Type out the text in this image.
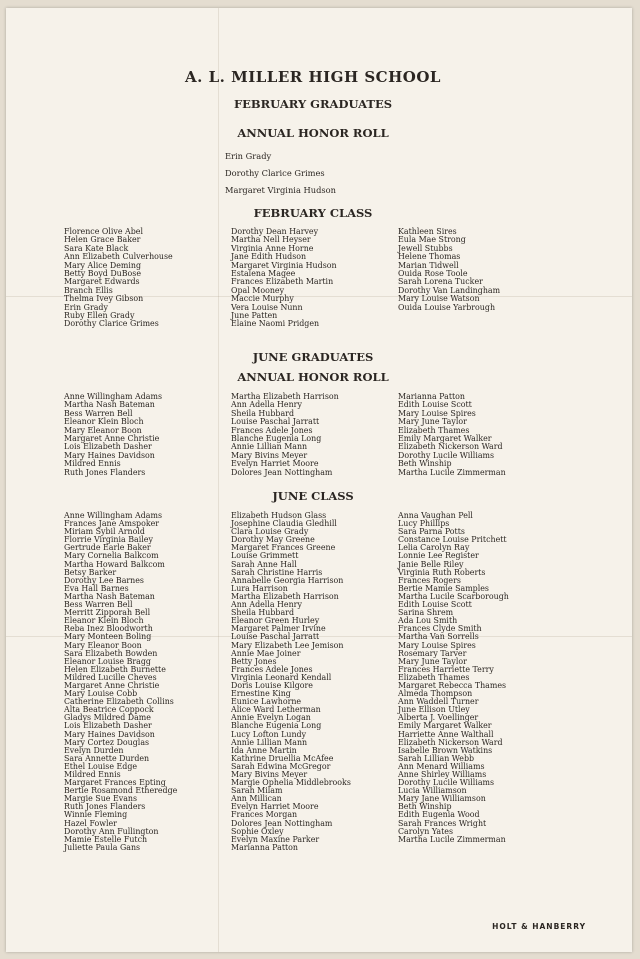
A. L. MILLER HIGH SCHOOL
FEBRUARY GRADUATES
ANNUAL HONOR ROLL
Erin Grady
Dorothy Clarice Grimes
Margaret Virginia Hudson
FEBRUARY CLASS
Florence Olive Abel
Helen Grace Baker
Sara Kate Black
Ann Elizabeth Culverhouse
Mary Alice Deming
Betty Boyd DuBose
Margaret Edwards
Branch Ellis
Thelma Ivey Gibson
Erin Grady
Ruby Ellen Grady
Dorothy Clarice Grimes
Dorothy Dean Harvey
Martha Nell Heyser
Virginia Anne Horne
Jane Edith Hudson
Margaret Virginia Hudson
Estalena Magee
Frances Elizabeth Martin
Opal Mooney
Maccie Murphy
Vera Louise Nunn
June Patten
Elaine Naomi Pridgen
Kathleen Sires
Eula Mae Strong
Jewell Stubbs
Helene Thomas
Marian Tidwell
Ouida Rose Toole
Sarah Lorena Tucker
Dorothy Van Landingham
Mary Louise Watson
Ouida Louise Yarbrough
JUNE GRADUATES
ANNUAL HONOR ROLL
Anne Willingham Adams
Martha Nash Bateman
Bess Warren Bell
Eleanor Klein Bloch
Mary Eleanor Boon
Margaret Anne Christie
Lois Elizabeth Dasher
Mary Haines Davidson
Mildred Ennis
Ruth Jones Flanders
Martha Elizabeth Harrison
Ann Adella Henry
Sheila Hubbard
Louise Paschal Jarratt
Frances Adele Jones
Blanche Eugenia Long
Annie Lillian Mann
Mary Bivins Meyer
Evelyn Harriet Moore
Dolores Jean Nottingham
Marianna Patton
Edith Louise Scott
Mary Louise Spires
Mary June Taylor
Elizabeth Thames
Emily Margaret Walker
Elizabeth Nickerson Ward
Dorothy Lucile Williams
Beth Winship
Martha Lucile Zimmerman
JUNE CLASS
Anne Willingham Adams
Frances Jane Amspoker
Miriam Sybil Arnold
Florrie Virginia Bailey
Gertrude Earle Baker
Mary Cornelia Balkcom
Martha Howard Balkcom
Betsy Barker
Dorothy Lee Barnes
Eva Hall Barnes
Martha Nash Bateman
Bess Warren Bell
Merritt Zipporah Bell
Eleanor Klein Bloch
Reba Inez Bloodworth
Mary Monteen Boling
Mary Eleanor Boon
Sara Elizabeth Bowden
Eleanor Louise Bragg
Helen Elizabeth Burnette
Mildred Lucille Cheves
Margaret Anne Christie
Mary Louise Cobb
Catherine Elizabeth Collins
Alta Beatrice Coppock
Gladys Mildred Dame
Lois Elizabeth Dasher
Mary Haines Davidson
Mary Cortez Douglas
Evelyn Durden
Sara Annette Durden
Ethel Louise Edge
Mildred Ennis
Margaret Frances Epting
Bertie Rosamond Etheredge
Margie Sue Evans
Ruth Jones Flanders
Winnie Fleming
Hazel Fowler
Dorothy Ann Fullington
Mamie Estelle Futch
Juliette Paula Gans
Elizabeth Hudson Glass
Josephine Claudia Gledhill
Clara Louise Grady
Dorothy May Greene
Margaret Frances Greene
Louise Grimmett
Sarah Anne Hall
Sarah Christine Harris
Annabelle Georgia Harrison
Lura Harrison
Martha Elizabeth Harrison
Ann Adella Henry
Sheila Hubbard
Eleanor Green Hurley
Margaret Palmer Irvine
Louise Paschal Jarratt
Mary Elizabeth Lee Jemison
Annie Mae Joiner
Betty Jones
Frances Adele Jones
Virginia Leonard Kendall
Doris Louise Kilgore
Ernestine King
Eunice Lawhorne
Alice Ward Letherman
Annie Evelyn Logan
Blanche Eugenia Long
Lucy Lofton Lundy
Annie Lillian Mann
Ida Anne Martin
Kathrine Druellia McAfee
Sarah Edwina McGregor
Mary Bivins Meyer
Margie Ophelia Middlebrooks
Sarah Milam
Ann Millican
Evelyn Harriet Moore
Frances Morgan
Dolores Jean Nottingham
Sophie Oxley
Evelyn Maxine Parker
Marianna Patton
Anna Vaughan Pell
Lucy Phillips
Sara Parna Potts
Constance Louise Pritchett
Lelia Carolyn Ray
Lonnie Lee Register
Janie Belle Riley
Virginia Ruth Roberts
Frances Rogers
Bertie Mamie Samples
Martha Lucile Scarborough
Edith Louise Scott
Sarina Shrem
Ada Lou Smith
Frances Clyde Smith
Martha Van Sorrells
Mary Louise Spires
Rosemary Tarver
Mary June Taylor
Frances Harriette Terry
Elizabeth Thames
Margaret Rebecca Thames
Almeda Thompson
Ann Waddell Turner
June Ellison Utley
Alberta J. Voellinger
Emily Margaret Walker
Harriette Anne Walthall
Elizabeth Nickerson Ward
Isabelle Brown Watkins
Sarah Lillian Webb
Ann Menard Williams
Anne Shirley Williams
Dorothy Lucile Williams
Lucia Williamson
Mary Jane Williamson
Beth Winship
Edith Eugenia Wood
Sarah Frances Wright
Carolyn Yates
Martha Lucile Zimmerman
HOLT & HANBERRY
